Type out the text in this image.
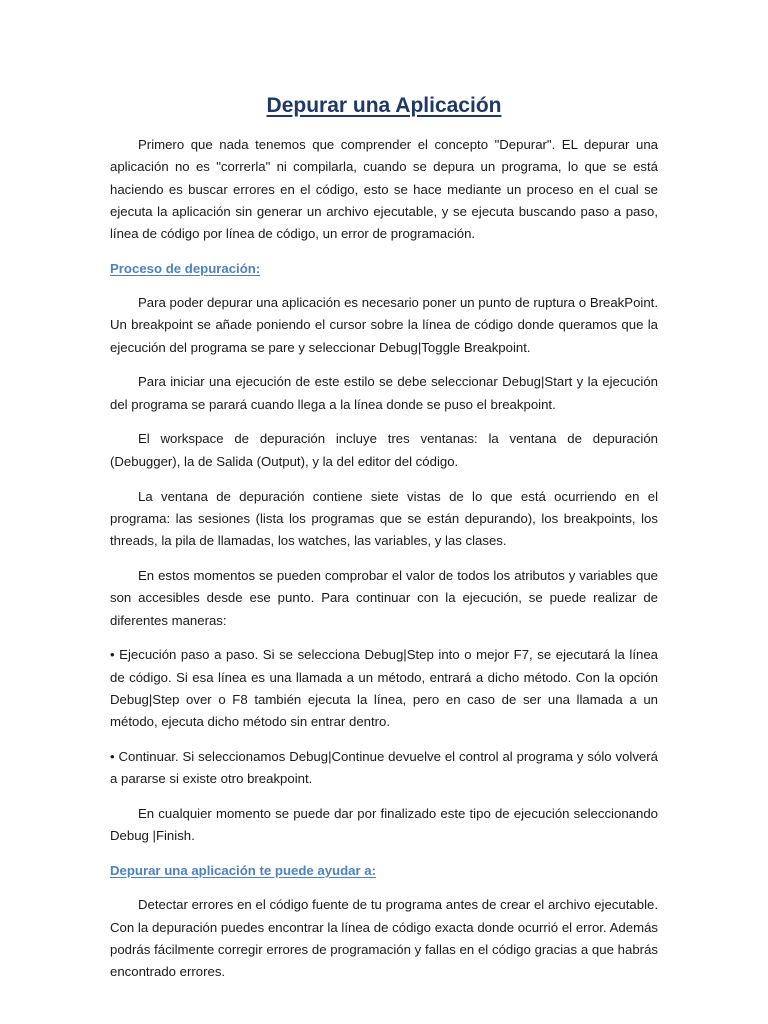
Depurar una Aplicación

Primero que nada tenemos que comprender el concepto "Depurar". EL depurar una aplicación no es "correrla" ni compilarla, cuando se depura un programa, lo que se está haciendo es buscar errores en el código, esto se hace mediante un proceso en el cual se ejecuta la aplicación sin generar un archivo ejecutable, y se ejecuta buscando paso a paso, línea de código por línea de código, un error de programación.

Proceso de depuración:

Para poder depurar una aplicación es necesario poner un punto de ruptura o BreakPoint. Un breakpoint se añade poniendo el cursor sobre la línea de código donde queramos que la ejecución del programa se pare y seleccionar Debug|Toggle Breakpoint.

Para iniciar una ejecución de este estilo se debe seleccionar Debug|Start y la ejecución del programa se parará cuando llega a la línea donde se puso el breakpoint.

El workspace de depuración incluye tres ventanas: la ventana de depuración (Debugger), la de Salida (Output), y la del editor del código.

La ventana de depuración contiene siete vistas de lo que está ocurriendo en el programa: las sesiones (lista los programas que se están depurando), los breakpoints, los threads, la pila de llamadas, los watches, las variables, y las clases.

En estos momentos se pueden comprobar el valor de todos los atributos y variables que son accesibles desde ese punto. Para continuar con la ejecución, se puede realizar de diferentes maneras:

• Ejecución paso a paso. Si se selecciona Debug|Step into o mejor F7, se ejecutará la línea de código. Si esa línea es una llamada a un método, entrará a dicho método. Con la opción Debug|Step over o F8 también ejecuta la línea, pero en caso de ser una llamada a un método, ejecuta dicho método sin entrar dentro.

• Continuar. Si seleccionamos Debug|Continue devuelve el control al programa y sólo volverá a pararse si existe otro breakpoint.

En cualquier momento se puede dar por finalizado este tipo de ejecución seleccionando Debug |Finish.

Depurar una aplicación te puede ayudar a:

Detectar errores en el código fuente de tu programa antes de crear el archivo ejecutable. Con la depuración puedes encontrar la línea de código exacta donde ocurrió el error. Además podrás fácilmente corregir errores de programación y fallas en el código gracias a que habrás encontrado errores.
